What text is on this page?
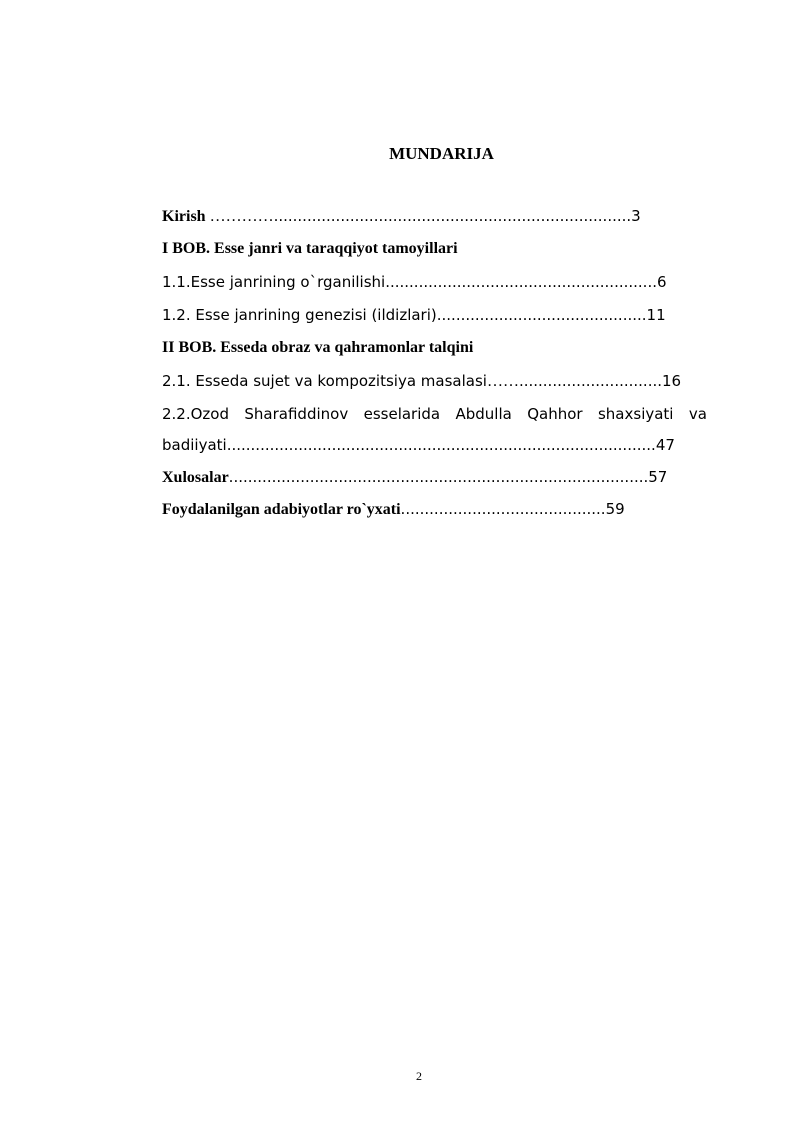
MUNDARIJA
Kirish …………...........................................................................3
I BOB. Esse janri va taraqqiyot tamoyillari
1.1.Esse janrining o`rganilishi.........................................................6
1.2. Esse janrining genezisi (ildizlari)............................................11
II BOB. Esseda obraz va qahramonlar talqini
2.1. Esseda sujet va kompozitsiya masalasi……..............................16
2.2.Ozod Sharafiddinov esselarida Abdulla Qahhor shaxsiyati va
badiiyati..........................................................................................47
Xulosalar........................................................................................57
Foydalanilgan adabiyotlar ro`yxati...........................................59
2
